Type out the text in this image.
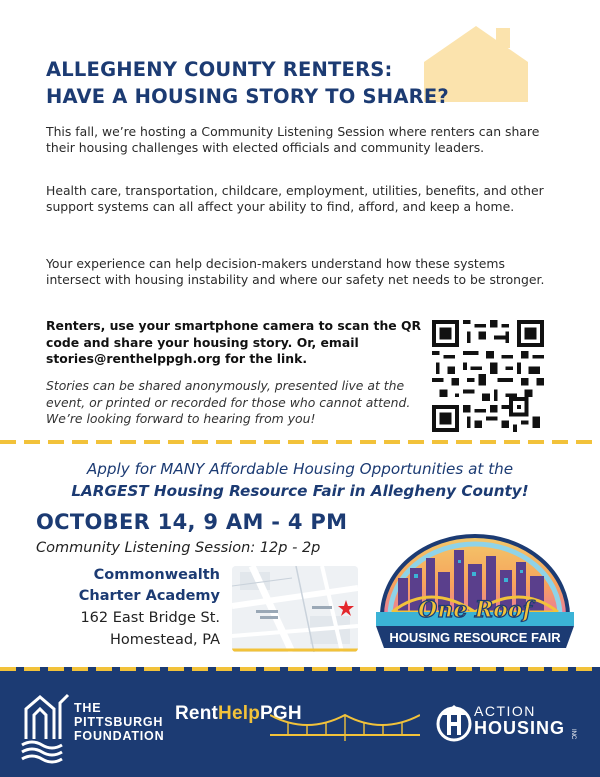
ALLEGHENY COUNTY RENTERS:
HAVE A HOUSING STORY TO SHARE?

This fall, we’re hosting a Community Listening Session where renters can share their housing challenges with elected officials and community leaders.

Health care, transportation, childcare, employment, utilities, benefits, and other support systems can all affect your ability to find, afford, and keep a home.

Your experience can help decision-makers understand how these systems intersect with housing instability and where our safety net needs to be stronger.

Renters, use your smartphone camera to scan the QR code and share your housing story. Or, email stories@renthelppgh.org for the link.

Stories can be shared anonymously, presented live at the event, or printed or recorded for those who cannot attend. We’re looking forward to hearing from you!

Apply for MANY Affordable Housing Opportunities at the
LARGEST Housing Resource Fair in Allegheny County!
OCTOBER 14, 9 AM - 4 PM
Community Listening Session: 12p - 2p
Commonwealth
Charter Academy
162 East Bridge St.
Homestead, PA
One Roof
HOUSING RESOURCE FAIR
THE
PITTSBURGH
FOUNDATION
RentHelpPGH	ACTION
HOUSING INC
